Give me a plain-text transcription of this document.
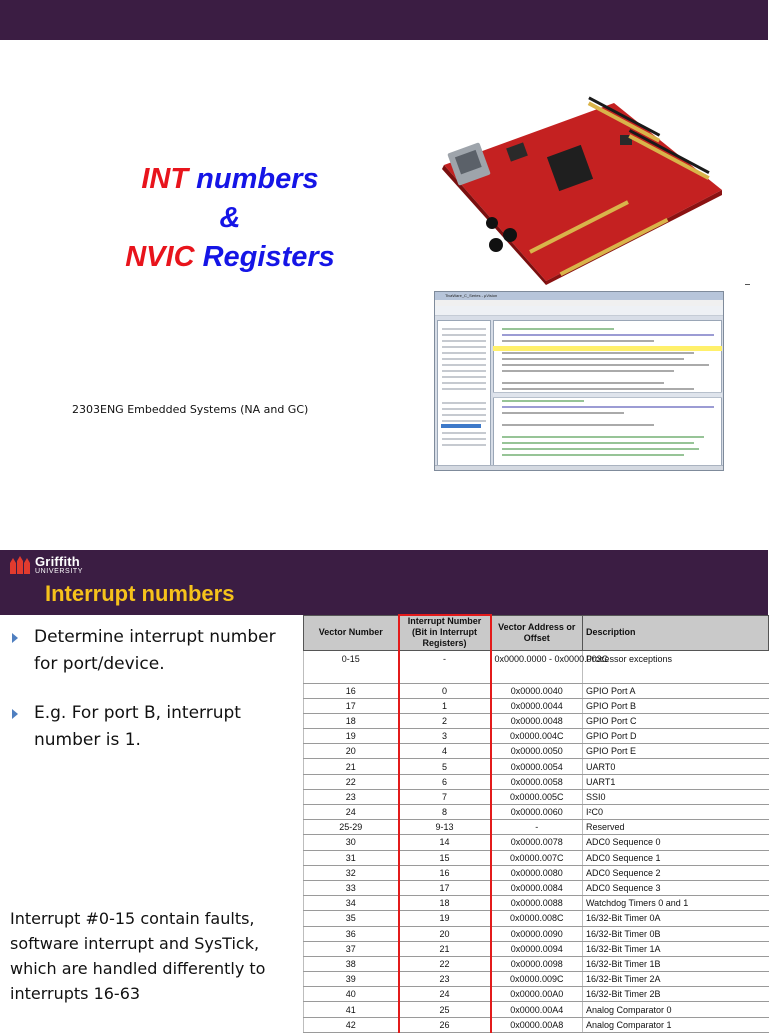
INT numbers
&
NVIC Registers
2303ENG Embedded Systems (NA and GC)
TivaWare_C_Series - µVision
Griffith
UNIVERSITY
Interrupt numbers
Determine interrupt number for port/device.
E.g. For port B, interrupt number is 1.
Interrupt #0-15 contain faults, software interrupt and SysTick, which are handled differently to interrupts 16-63
Vector Number	Interrupt Number (Bit in Interrupt Registers)	Vector Address or Offset	Description
0-15	-	0x0000.0000 - 0x0000.003C	Processor exceptions
16	0	0x0000.0040	GPIO Port A
17	1	0x0000.0044	GPIO Port B
18	2	0x0000.0048	GPIO Port C
19	3	0x0000.004C	GPIO Port D
20	4	0x0000.0050	GPIO Port E
21	5	0x0000.0054	UART0
22	6	0x0000.0058	UART1
23	7	0x0000.005C	SSI0
24	8	0x0000.0060	I²C0
25-29	9-13	-	Reserved
30	14	0x0000.0078	ADC0 Sequence 0
31	15	0x0000.007C	ADC0 Sequence 1
32	16	0x0000.0080	ADC0 Sequence 2
33	17	0x0000.0084	ADC0 Sequence 3
34	18	0x0000.0088	Watchdog Timers 0 and 1
35	19	0x0000.008C	16/32-Bit Timer 0A
36	20	0x0000.0090	16/32-Bit Timer 0B
37	21	0x0000.0094	16/32-Bit Timer 1A
38	22	0x0000.0098	16/32-Bit Timer 1B
39	23	0x0000.009C	16/32-Bit Timer 2A
40	24	0x0000.00A0	16/32-Bit Timer 2B
41	25	0x0000.00A4	Analog Comparator 0
42	26	0x0000.00A8	Analog Comparator 1
